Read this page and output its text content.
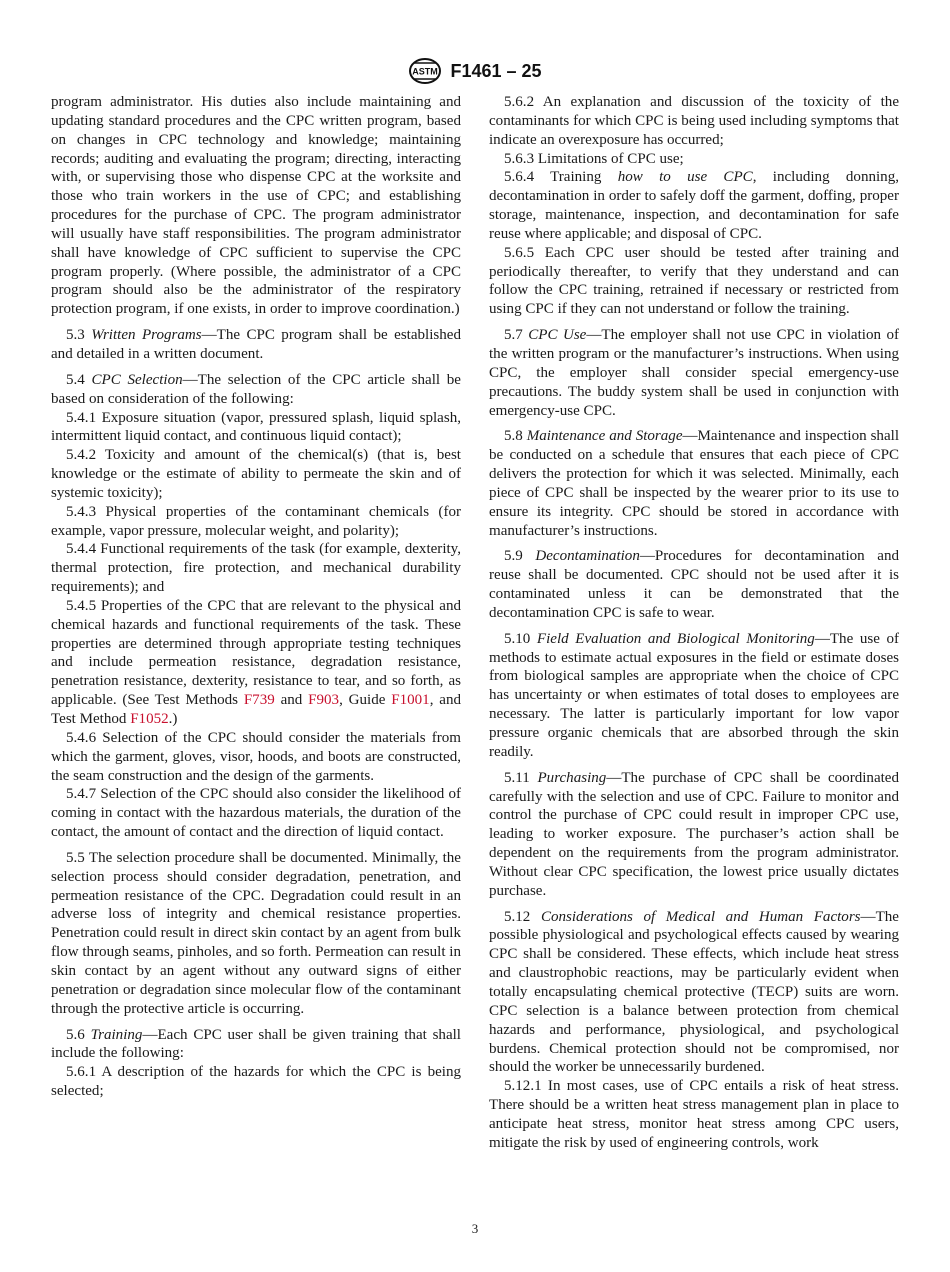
ASTM F1461 – 25

program administrator. His duties also include maintaining and updating standard procedures and the CPC written program, based on changes in CPC technology and knowledge; maintaining records; auditing and evaluating the program; directing, interacting with, or supervising those who dispense CPC at the worksite and those who train workers in the use of CPC; and establishing procedures for the purchase of CPC. The program administrator will usually have staff responsibilities. The program administrator shall have knowledge of CPC sufficient to supervise the CPC program properly. (Where possible, the administrator of a CPC program should also be the administrator of the respiratory protection program, if one exists, in order to improve coordination.)

5.3 Written Programs—The CPC program shall be established and detailed in a written document.

5.4 CPC Selection—The selection of the CPC article shall be based on consideration of the following:

5.4.1 Exposure situation (vapor, pressured splash, liquid splash, intermittent liquid contact, and continuous liquid contact);

5.4.2 Toxicity and amount of the chemical(s) (that is, best knowledge or the estimate of ability to permeate the skin and of systemic toxicity);

5.4.3 Physical properties of the contaminant chemicals (for example, vapor pressure, molecular weight, and polarity);

5.4.4 Functional requirements of the task (for example, dexterity, thermal protection, fire protection, and mechanical durability requirements); and

5.4.5 Properties of the CPC that are relevant to the physical and chemical hazards and functional requirements of the task. These properties are determined through appropriate testing techniques and include permeation resistance, degradation resistance, penetration resistance, dexterity, resistance to tear, and so forth, as applicable. (See Test Methods F739 and F903, Guide F1001, and Test Method F1052.)

5.4.6 Selection of the CPC should consider the materials from which the garment, gloves, visor, hoods, and boots are constructed, the seam construction and the design of the garments.

5.4.7 Selection of the CPC should also consider the likelihood of coming in contact with the hazardous materials, the duration of the contact, the amount of contact and the direction of liquid contact.

5.5 The selection procedure shall be documented. Minimally, the selection process should consider degradation, penetration, and permeation resistance of the CPC. Degradation could result in an adverse loss of integrity and chemical resistance properties. Penetration could result in direct skin contact by an agent from bulk flow through seams, pinholes, and so forth. Permeation can result in skin contact by an agent without any outward signs of either penetration or degradation since molecular flow of the contaminant through the protective article is occurring.

5.6 Training—Each CPC user shall be given training that shall include the following:

5.6.1 A description of the hazards for which the CPC is being selected;

5.6.2 An explanation and discussion of the toxicity of the contaminants for which CPC is being used including symptoms that indicate an overexposure has occurred;

5.6.3 Limitations of CPC use;

5.6.4 Training how to use CPC, including donning, decontamination in order to safely doff the garment, doffing, proper storage, maintenance, inspection, and decontamination for safe reuse where applicable; and disposal of CPC.

5.6.5 Each CPC user should be tested after training and periodically thereafter, to verify that they understand and can follow the CPC training, retrained if necessary or restricted from using CPC if they can not understand or follow the training.

5.7 CPC Use—The employer shall not use CPC in violation of the written program or the manufacturer’s instructions. When using CPC, the employer shall consider special emergency-use precautions. The buddy system shall be used in conjunction with emergency-use CPC.

5.8 Maintenance and Storage—Maintenance and inspection shall be conducted on a schedule that ensures that each piece of CPC delivers the protection for which it was selected. Minimally, each piece of CPC shall be inspected by the wearer prior to its use to ensure its integrity. CPC should be stored in accordance with manufacturer’s instructions.

5.9 Decontamination—Procedures for decontamination and reuse shall be documented. CPC should not be used after it is contaminated unless it can be demonstrated that the decontamination CPC is safe to wear.

5.10 Field Evaluation and Biological Monitoring—The use of methods to estimate actual exposures in the field or estimate doses from biological samples are appropriate when the choice of CPC has uncertainty or when estimates of total doses to employees are necessary. The latter is particularly important for low vapor pressure organic chemicals that are absorbed through the skin readily.

5.11 Purchasing—The purchase of CPC shall be coordinated carefully with the selection and use of CPC. Failure to monitor and control the purchase of CPC could result in improper CPC use, leading to worker exposure. The purchaser’s action shall be dependent on the requirements from the program administrator. Without clear CPC specification, the lowest price usually dictates purchase.

5.12 Considerations of Medical and Human Factors—The possible physiological and psychological effects caused by wearing CPC shall be considered. These effects, which include heat stress and claustrophobic reactions, may be particularly evident when totally encapsulating chemical protective (TECP) suits are worn. CPC selection is a balance between protection from chemical hazards and performance, physiological, and psychological burdens. Chemical protection should not be compromised, nor should the worker be unnecessarily burdened.

5.12.1 In most cases, use of CPC entails a risk of heat stress. There should be a written heat stress management plan in place to anticipate heat stress, monitor heat stress among CPC users, mitigate the risk by used of engineering controls, work

3
